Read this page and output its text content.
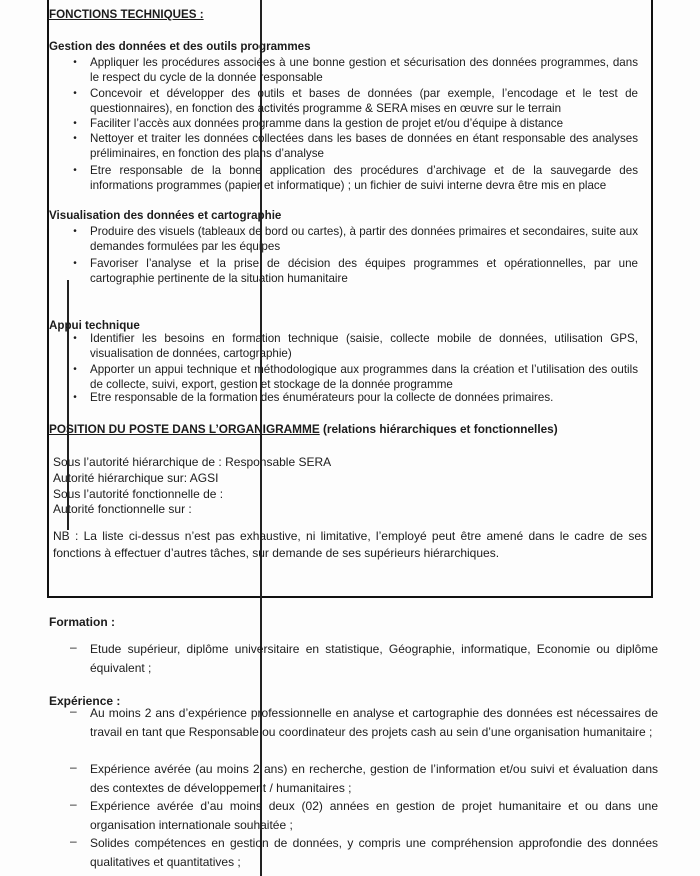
FONCTIONS TECHNIQUES :

Gestion des données et des outils programmes

• Appliquer les procédures associées à une bonne gestion et sécurisation des données programmes, dans le respect du cycle de la donnée responsable

• Concevoir et développer des outils et bases de données (par exemple, l’encodage et le test de questionnaires), en fonction des activités programme & SERA mises en œuvre sur le terrain

• Faciliter l’accès aux données programme dans la gestion de projet et/ou d’équipe à distance

• Nettoyer et traiter les données collectées dans les bases de données en étant responsable des analyses préliminaires, en fonction des plans d’analyse

• Etre responsable de la bonne application des procédures d’archivage et de la sauvegarde des informations programmes (papier et informatique) ; un fichier de suivi interne devra être mis en place

Visualisation des données et cartographie

• Produire des visuels (tableaux de bord ou cartes), à partir des données primaires et secondaires, suite aux demandes formulées par les équipes

• Favoriser l’analyse et la prise de décision des équipes programmes et opérationnelles, par une cartographie pertinente de la situation humanitaire

Appui technique

• Identifier les besoins en formation technique (saisie, collecte mobile de données, utilisation GPS, visualisation de données, cartographie)

• Apporter un appui technique et méthodologique aux programmes dans la création et l’utilisation des outils de collecte, suivi, export, gestion et stockage de la donnée programme

• Etre responsable de la formation des énumérateurs pour la collecte de données primaires.

POSITION DU POSTE DANS L’ORGANIGRAMME (relations hiérarchiques et fonctionnelles)

Sous l’autorité hiérarchique de : Responsable SERA

Autorité hiérarchique sur: AGSI

Sous l’autorité fonctionnelle de :

Autorité fonctionnelle sur :

NB : La liste ci-dessus n’est pas exhaustive, ni limitative, l’employé peut être amené dans le cadre de ses fonctions à effectuer d’autres tâches, sur demande de ses supérieurs hiérarchiques.

Formation :

– Etude supérieur, diplôme universitaire en statistique, Géographie, informatique, Economie ou diplôme équivalent ;

Expérience :

– Au moins 2 ans d’expérience professionnelle en analyse et cartographie des données est nécessaires de travail en tant que Responsable ou coordinateur des projets cash au sein d’une organisation humanitaire ;

– Expérience avérée (au moins 2 ans) en recherche, gestion de l’information et/ou suivi et évaluation dans des contextes de développement / humanitaires ;

– Expérience avérée d’au moins deux (02) années en gestion de projet humanitaire et ou dans une organisation internationale souhaitée ;

– Solides compétences en gestion de données, y compris une compréhension approfondie des données qualitatives et quantitatives ;
